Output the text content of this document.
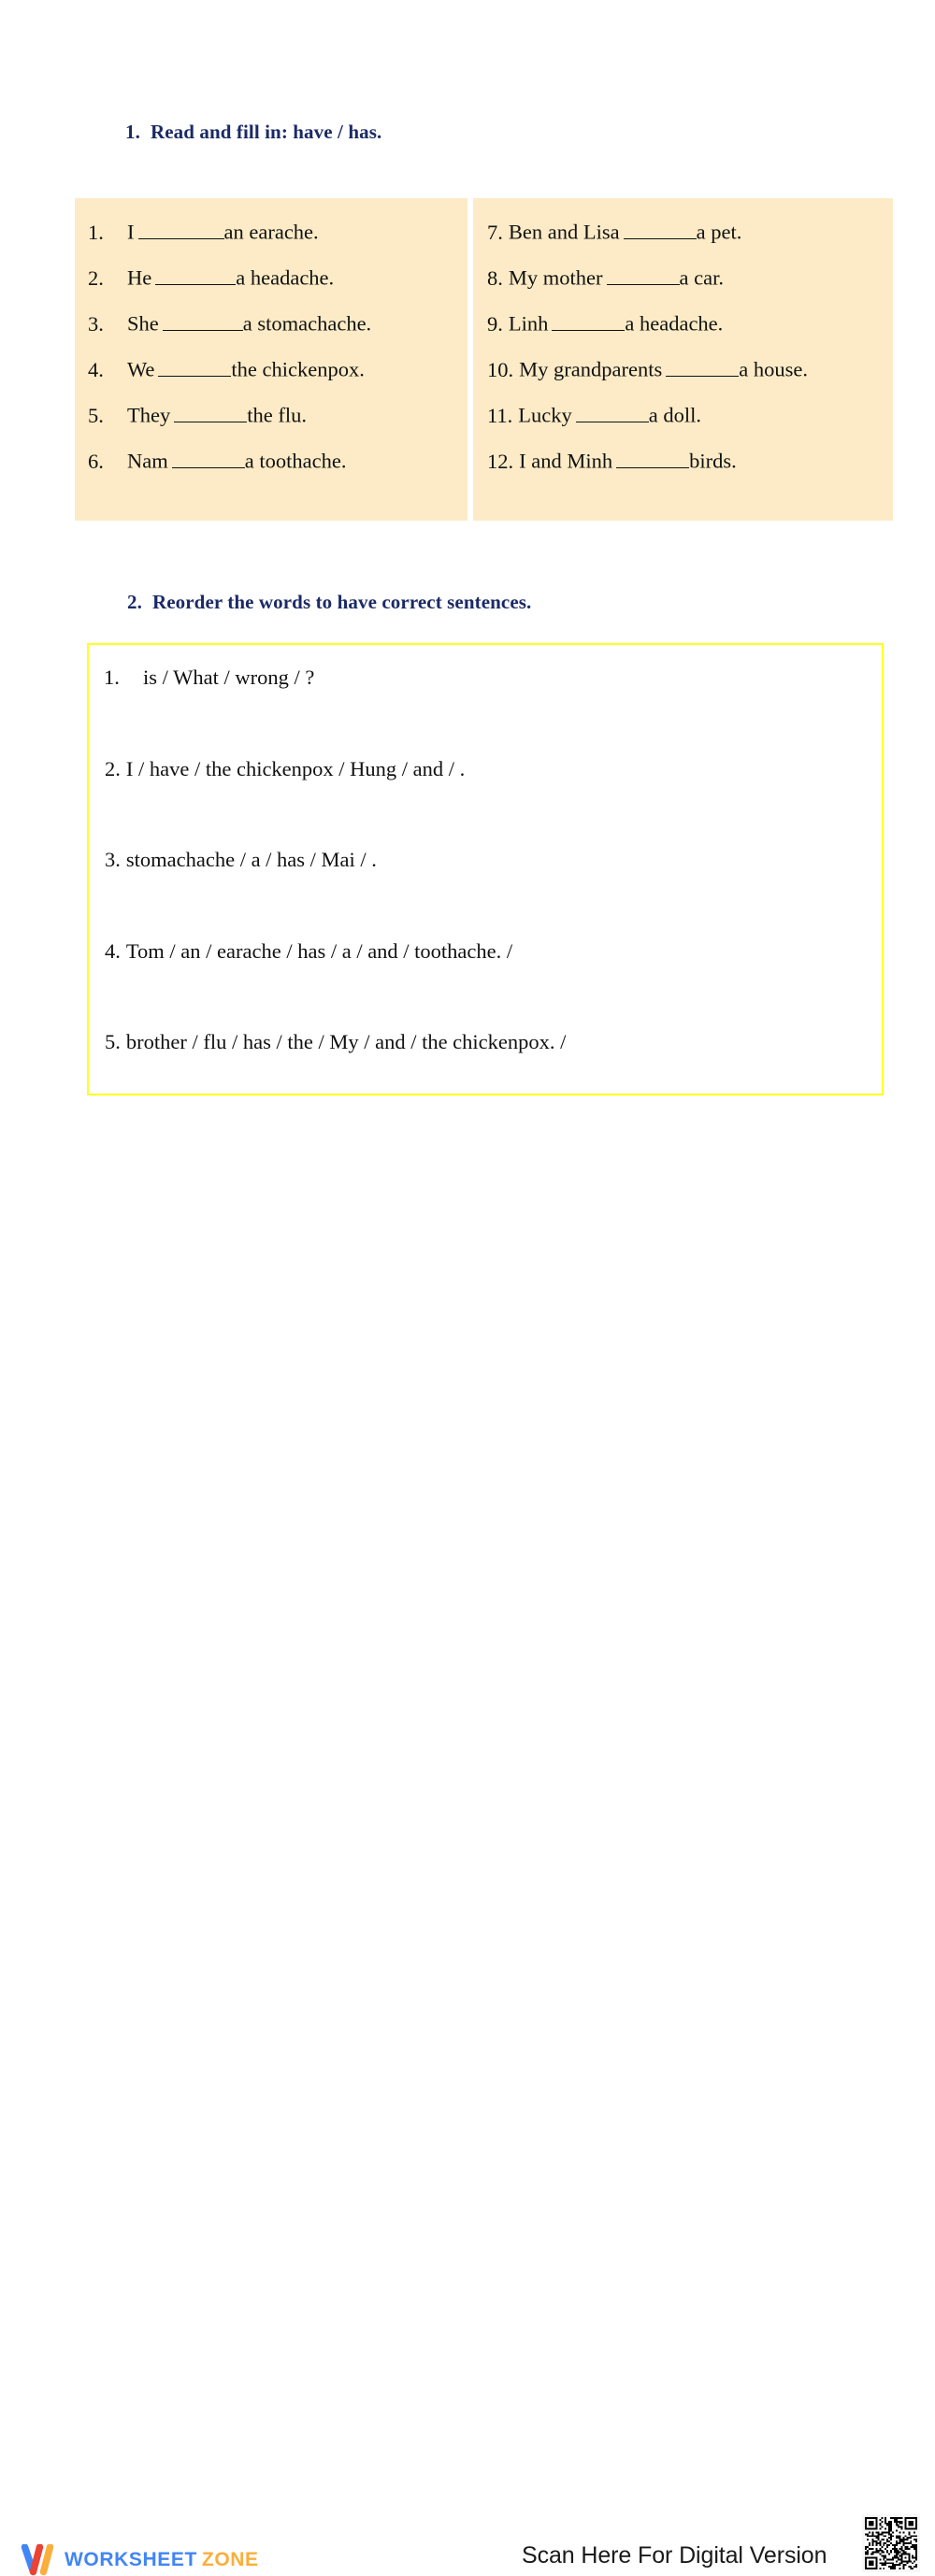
1. Read and fill in: have / has.
1. I	an earache.
2. He	a headache.
3. She	a stomachache.
4. We	the chickenpox.
5. They	the flu.
6. Nam	a toothache.
7. Ben and Lisa	a pet.
8. My mother	a car.
9. Linh	a headache.
10. My grandparents	a house.
11. Lucky	a doll.
12. I and Minh	birds.
2. Reorder the words to have correct sentences.
1. is / What / wrong / ?
2. I / have / the chickenpox / Hung / and / .
3. stomachache / a / has / Mai / .
4. Tom / an / earache / has / a / and / toothache. /
5. brother / flu / has / the / My / and / the chickenpox. /
WORKSHEET ZONE	Scan Here For Digital Version
